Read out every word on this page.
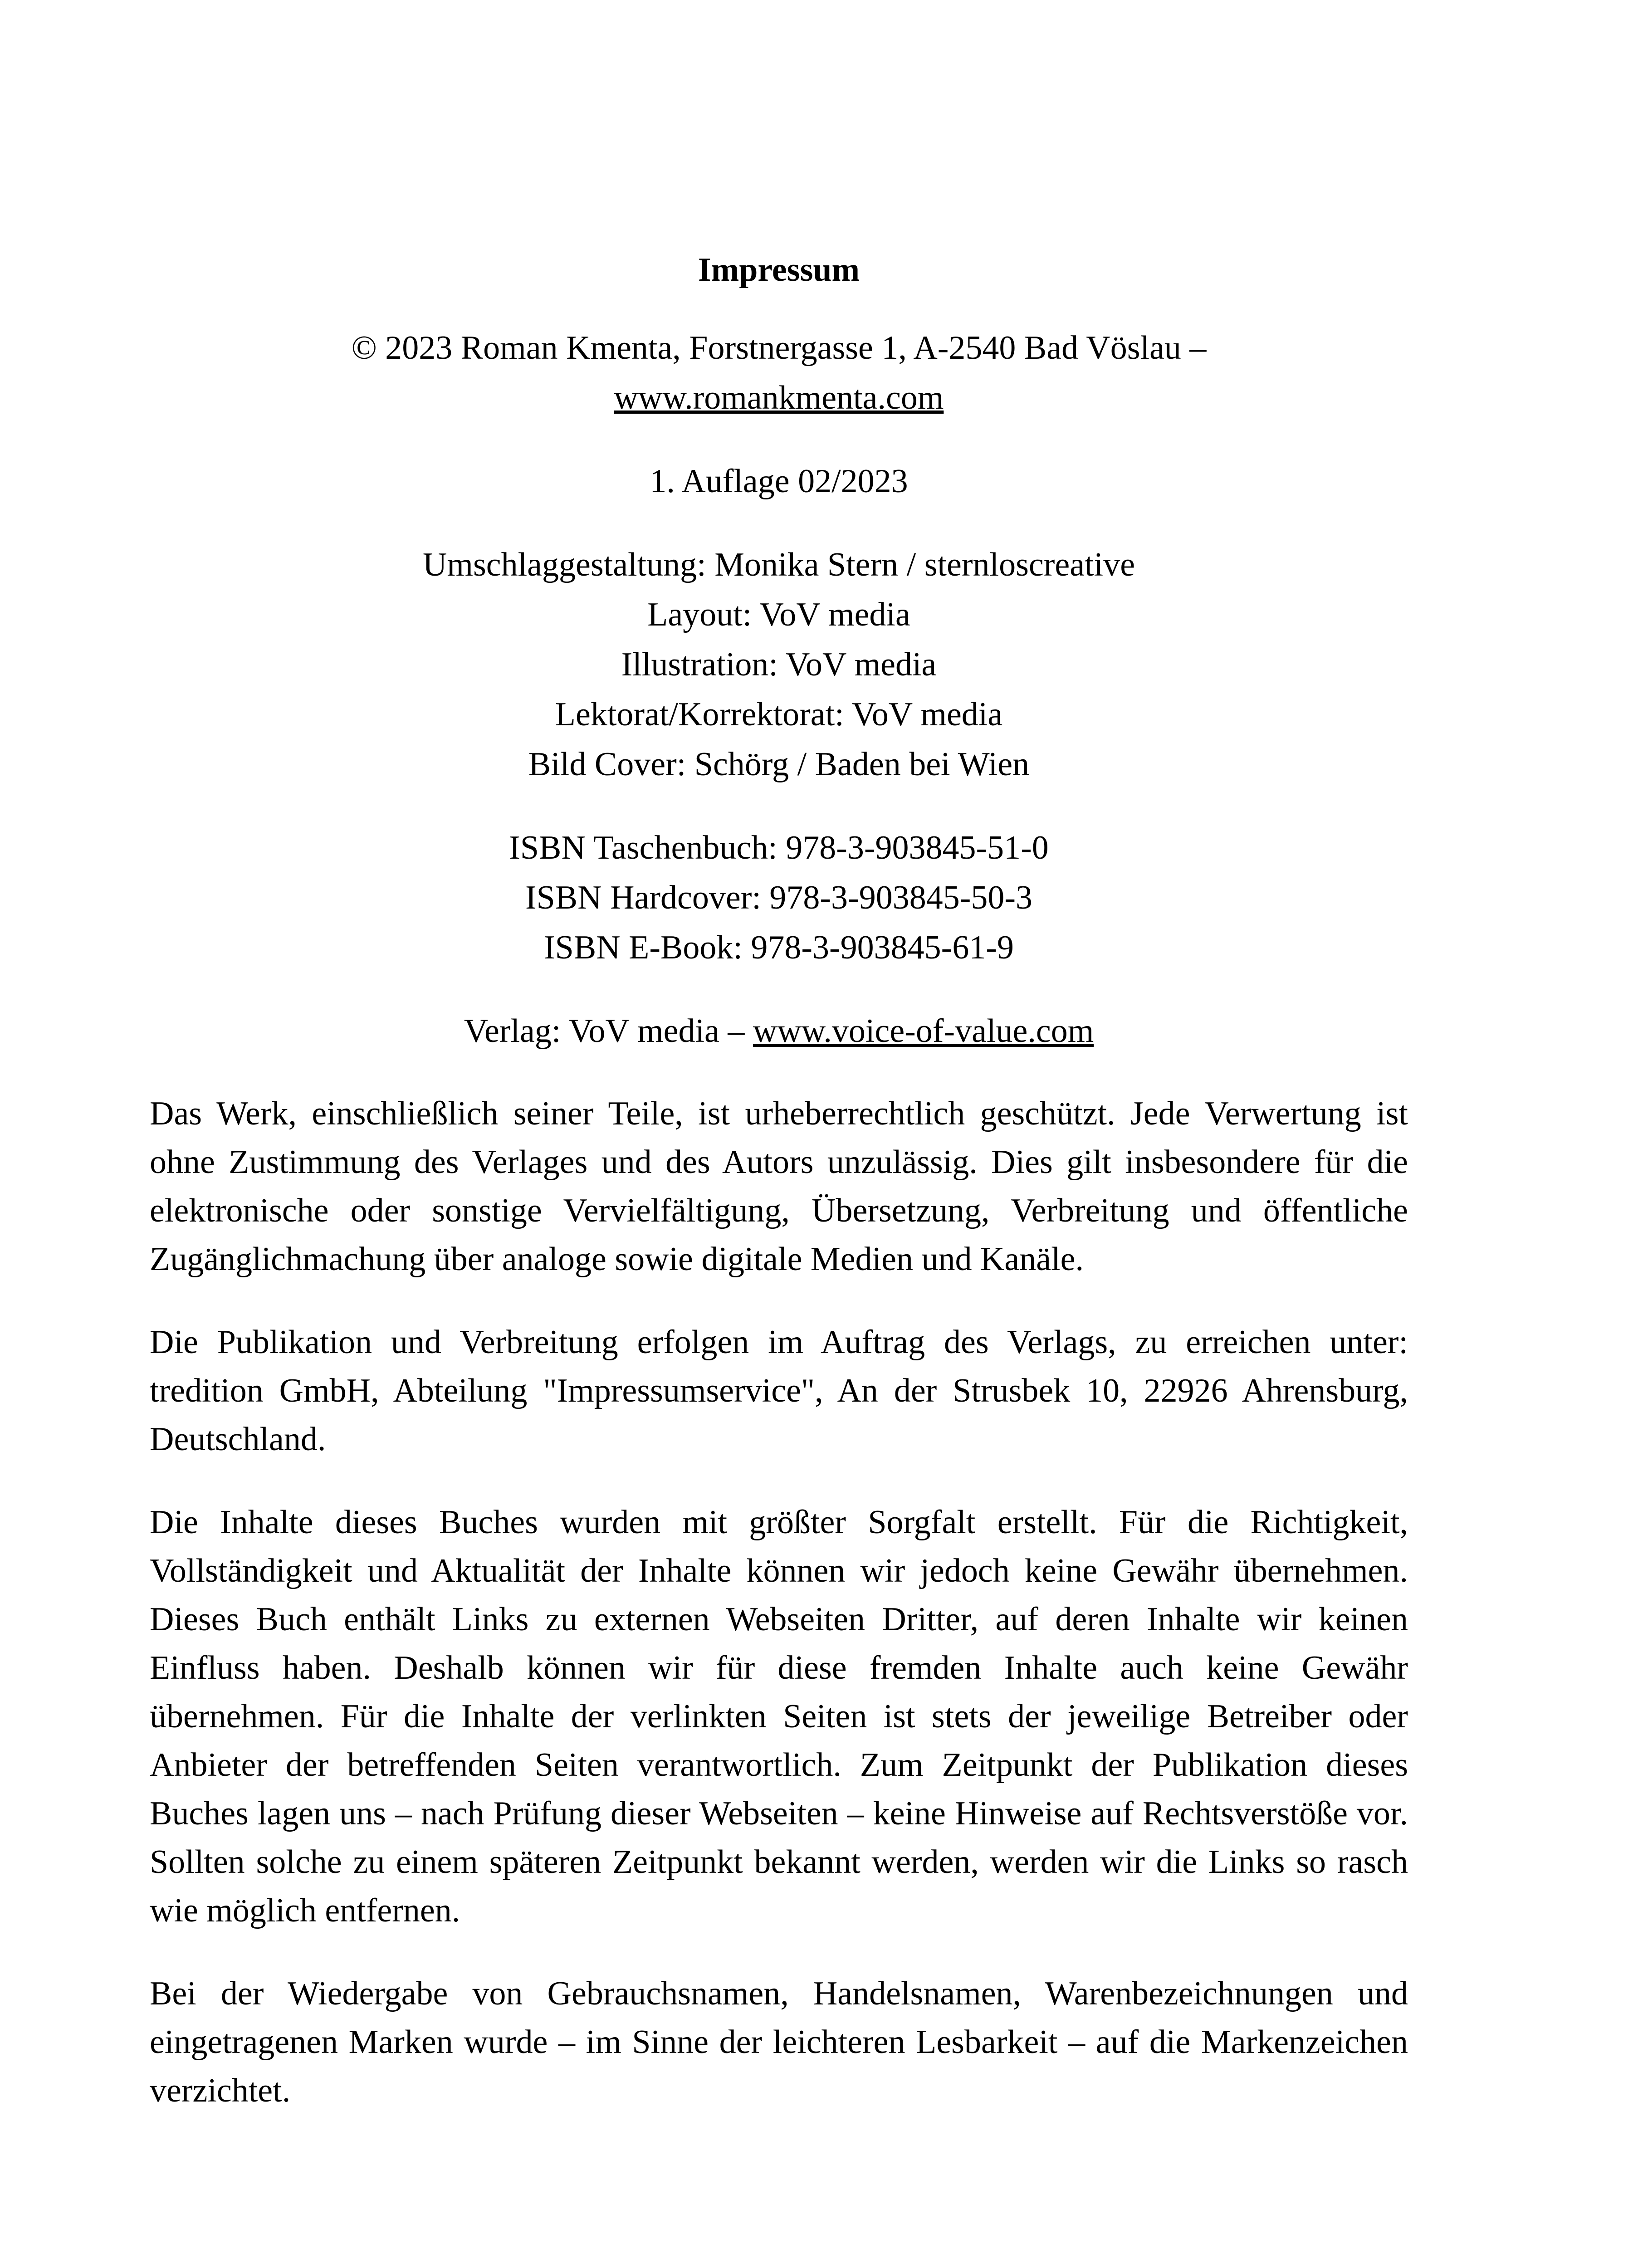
Impressum
© 2023 Roman Kmenta, Forstnergasse 1, A-2540 Bad Vöslau –
www.romankmenta.com
1. Auflage 02/2023
Umschlaggestaltung: Monika Stern / sternloscreative
Layout: VoV media
Illustration: VoV media
Lektorat/Korrektorat: VoV media
Bild Cover: Schörg / Baden bei Wien
ISBN Taschenbuch: 978-3-903845-51-0
ISBN Hardcover: 978-3-903845-50-3
ISBN E-Book: 978-3-903845-61-9
Verlag: VoV media – www.voice-of-value.com

Das Werk, einschließlich seiner Teile, ist urheberrechtlich geschützt. Jede Verwertung ist ohne Zustimmung des Verlages und des Autors unzulässig. Dies gilt insbesondere für die elektronische oder sonstige Vervielfältigung, Übersetzung, Verbreitung und öffentliche Zugänglichmachung über analoge sowie digitale Medien und Kanäle.

Die Publikation und Verbreitung erfolgen im Auftrag des Verlags, zu erreichen unter: tredition GmbH, Abteilung "Impressumservice", An der Strusbek 10, 22926 Ahrensburg, Deutschland.

Die Inhalte dieses Buches wurden mit größter Sorgfalt erstellt. Für die Richtigkeit, Vollständigkeit und Aktualität der Inhalte können wir jedoch keine Gewähr übernehmen. Dieses Buch enthält Links zu externen Webseiten Dritter, auf deren Inhalte wir keinen Einfluss haben. Deshalb können wir für diese fremden Inhalte auch keine Gewähr übernehmen. Für die Inhalte der verlinkten Seiten ist stets der jeweilige Betreiber oder Anbieter der betreffenden Seiten verantwortlich. Zum Zeitpunkt der Publikation dieses Buches lagen uns – nach Prüfung dieser Webseiten – keine Hinweise auf Rechtsverstöße vor. Sollten solche zu einem späteren Zeitpunkt bekannt werden, werden wir die Links so rasch wie möglich entfernen.

Bei der Wiedergabe von Gebrauchsnamen, Handelsnamen, Warenbezeichnungen und eingetragenen Marken wurde – im Sinne der leichteren Lesbarkeit – auf die Markenzeichen verzichtet.
